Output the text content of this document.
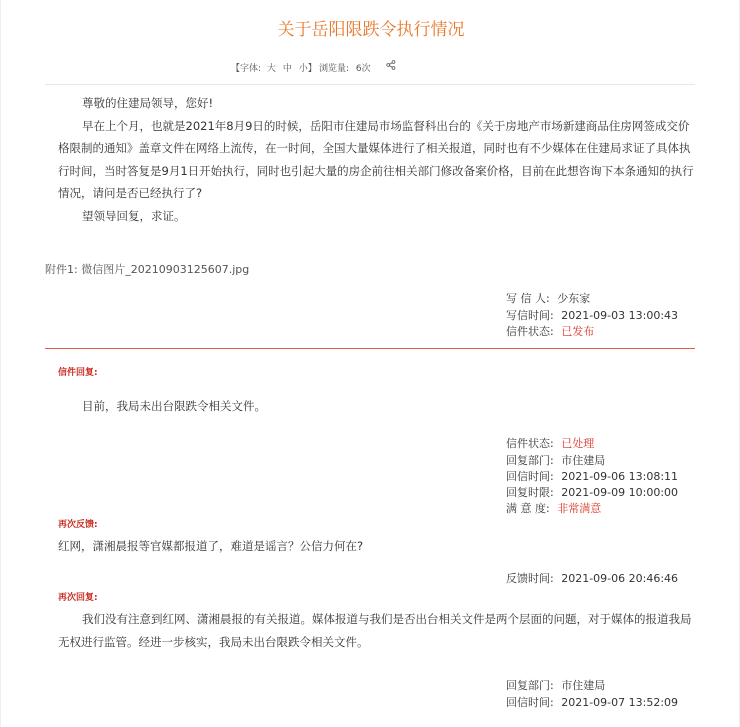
关于岳阳限跌令执行情况
【字体: 大 中 小】 浏览量: 6次

尊敬的住建局领导，您好!

早在上个月，也就是2021年8月9日的时候，岳阳市住建局市场监督科出台的《关于房地产市场新建商品住房网签成交价格限制的通知》盖章文件在网络上流传，在一时间，全国大量媒体进行了相关报道，同时也有不少媒体在住建局求证了具体执行时间，当时答复是9月1日开始执行，同时也引起大量的房企前往相关部门修改备案价格，目前在此想咨询下本条通知的执行情况，请问是否已经执行了?

望领导回复，求证。

附件1: 微信图片_20210903125607.jpg
写 信 人: 少东家
写信时间: 2021-09-03 13:00:43
信件状态: 已发布
信件回复:
目前，我局未出台限跌令相关文件。
信件状态: 已处理
回复部门: 市住建局
回信时间: 2021-09-06 13:08:11
回复时限: 2021-09-09 10:00:00
满 意 度: 非常满意
再次反馈:
红网，潇湘晨报等官媒都报道了，难道是谣言？公信力何在?
反馈时间: 2021-09-06 20:46:46
再次回复:

我们没有注意到红网、潇湘晨报的有关报道。媒体报道与我们是否出台相关文件是两个层面的问题，对于媒体的报道我局无权进行监管。经进一步核实，我局未出台限跌令相关文件。

回复部门: 市住建局
回信时间: 2021-09-07 13:52:09
